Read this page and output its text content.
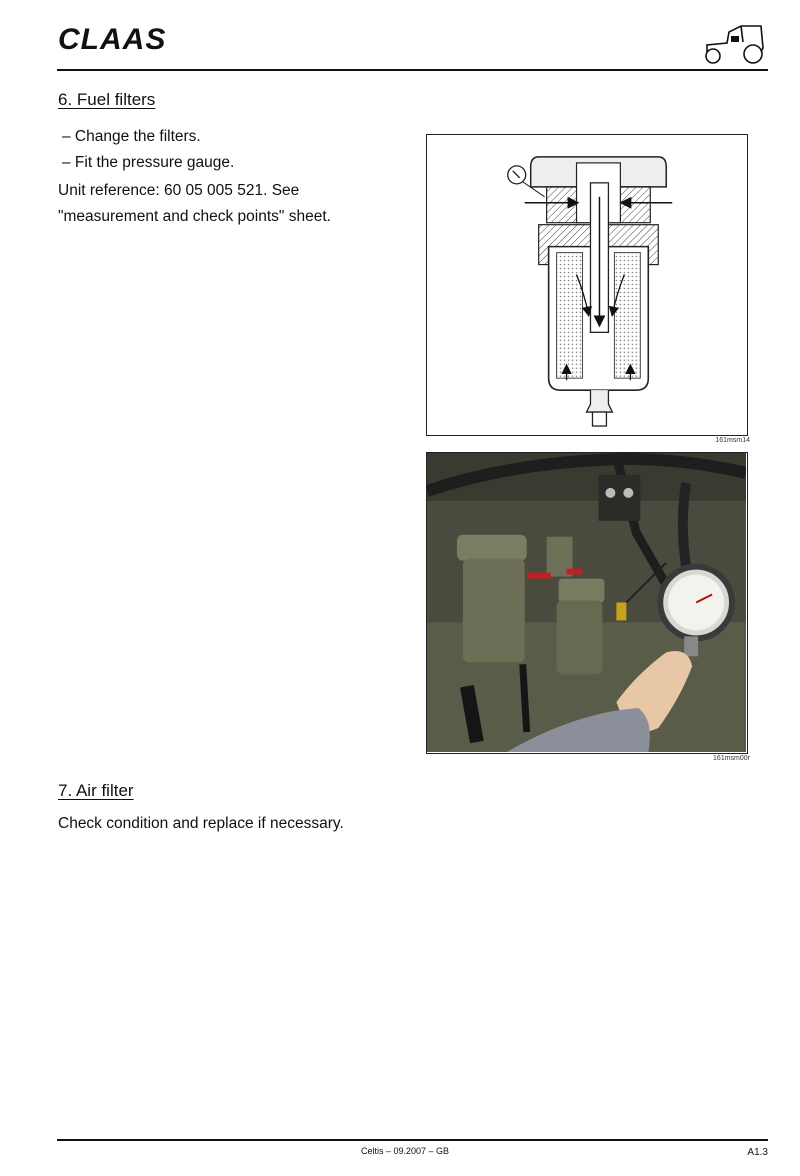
CLAAS
6. Fuel filters
– Change the filters.
– Fit the pressure gauge.
Unit reference: 60 05 005 521. See "measurement and check points" sheet.
161msm14
161msm00r
7. Air filter
Check condition and replace if necessary.
Celtis – 09.2007 – GB	A1.3
